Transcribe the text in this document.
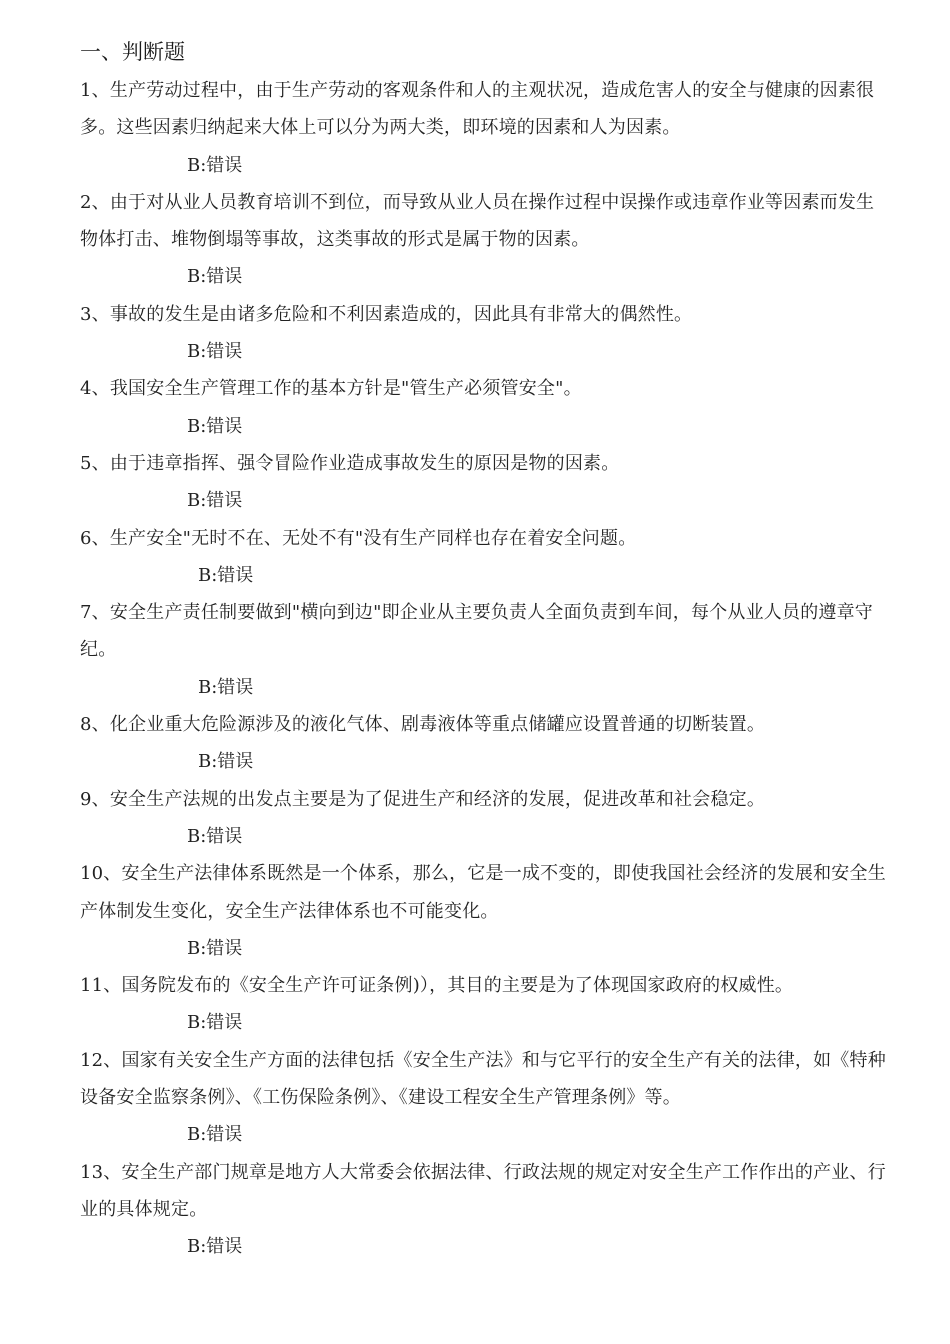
一、判断题

1、生产劳动过程中，由于生产劳动的客观条件和人的主观状况，造成危害人的安全与健康的因素很多。这些因素归纳起来大体上可以分为两大类，即环境的因素和人为因素。

B:错误

2、由于对从业人员教育培训不到位，而导致从业人员在操作过程中误操作或违章作业等因素而发生物体打击、堆物倒塌等事故，这类事故的形式是属于物的因素。

B:错误

3、事故的发生是由诸多危险和不利因素造成的，因此具有非常大的偶然性。

B:错误

4、我国安全生产管理工作的基本方针是"管生产必须管安全"。

B:错误

5、由于违章指挥、强令冒险作业造成事故发生的原因是物的因素。

B:错误

6、生产安全"无时不在、无处不有"没有生产同样也存在着安全问题。

B:错误

7、安全生产责任制要做到"横向到边"即企业从主要负责人全面负责到车间，每个从业人员的遵章守纪。

B:错误

8、化企业重大危险源涉及的液化气体、剧毒液体等重点储罐应设置普通的切断装置。

B:错误

9、安全生产法规的出发点主要是为了促进生产和经济的发展，促进改革和社会稳定。

B:错误

10、安全生产法律体系既然是一个体系，那么，它是一成不变的，即使我国社会经济的发展和安全生产体制发生变化，安全生产法律体系也不可能变化。

B:错误

11、国务院发布的《安全生产许可证条例)），其目的主要是为了体现国家政府的权威性。

B:错误

12、国家有关安全生产方面的法律包括《安全生产法》和与它平行的安全生产有关的法律，如《特种设备安全监察条例》、《工伤保险条例》、《建设工程安全生产管理条例》等。

B:错误

13、安全生产部门规章是地方人大常委会依据法律、行政法规的规定对安全生产工作作出的产业、行业的具体规定。

B:错误
